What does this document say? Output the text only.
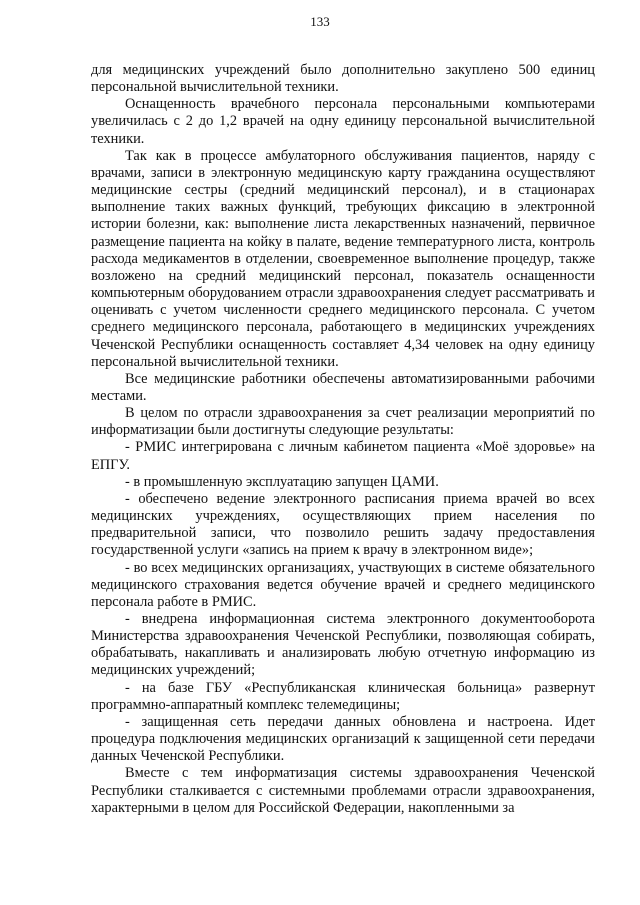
133

для медицинских учреждений было дополнительно закуплено 500 единиц персональной вычислительной техники.

Оснащенность врачебного персонала персональными компьютерами увеличилась с 2 до 1,2 врачей на одну единицу персональной вычислительной техники.

Так как в процессе амбулаторного обслуживания пациентов, наряду с врачами, записи в электронную медицинскую карту гражданина осуществляют медицинские сестры (средний медицинский персонал), и в стационарах выполнение таких важных функций, требующих фиксацию в электронной истории болезни, как: выполнение листа лекарственных назначений, первичное размещение пациента на койку в палате, ведение температурного листа, контроль расхода медикаментов в отделении, своевременное выполнение процедур, также возложено на средний медицинский персонал, показатель оснащенности компьютерным оборудованием отрасли здравоохранения следует рассматривать и оценивать с учетом численности среднего медицинского персонала. С учетом среднего медицинского персонала, работающего в медицинских учреждениях Чеченской Республики оснащенность составляет 4,34 человек на одну единицу персональной вычислительной техники.

Все медицинские работники обеспечены автоматизированными рабочими местами.

В целом по отрасли здравоохранения за счет реализации мероприятий по информатизации были достигнуты следующие результаты:

- РМИС интегрирована с личным кабинетом пациента «Моё здоровье» на ЕПГУ.

- в промышленную эксплуатацию запущен ЦАМИ.

- обеспечено ведение электронного расписания приема врачей во всех медицинских учреждениях, осуществляющих прием населения по предварительной записи, что позволило решить задачу предоставления государственной услуги «запись на прием к врачу в электронном виде»;

- во всех медицинских организациях, участвующих в системе обязательного медицинского страхования ведется обучение врачей и среднего медицинского персонала работе в РМИС.

- внедрена информационная система электронного документооборота Министерства здравоохранения Чеченской Республики, позволяющая собирать, обрабатывать, накапливать и анализировать любую отчетную информацию из медицинских учреждений;

- на базе ГБУ «Республиканская клиническая больница» развернут программно-аппаратный комплекс телемедицины;

- защищенная сеть передачи данных обновлена и настроена. Идет процедура подключения медицинских организаций к защищенной сети передачи данных Чеченской Республики.

Вместе с тем информатизация системы здравоохранения Чеченской Республики сталкивается с системными проблемами отрасли здравоохранения, характерными в целом для Российской Федерации, накопленными за
